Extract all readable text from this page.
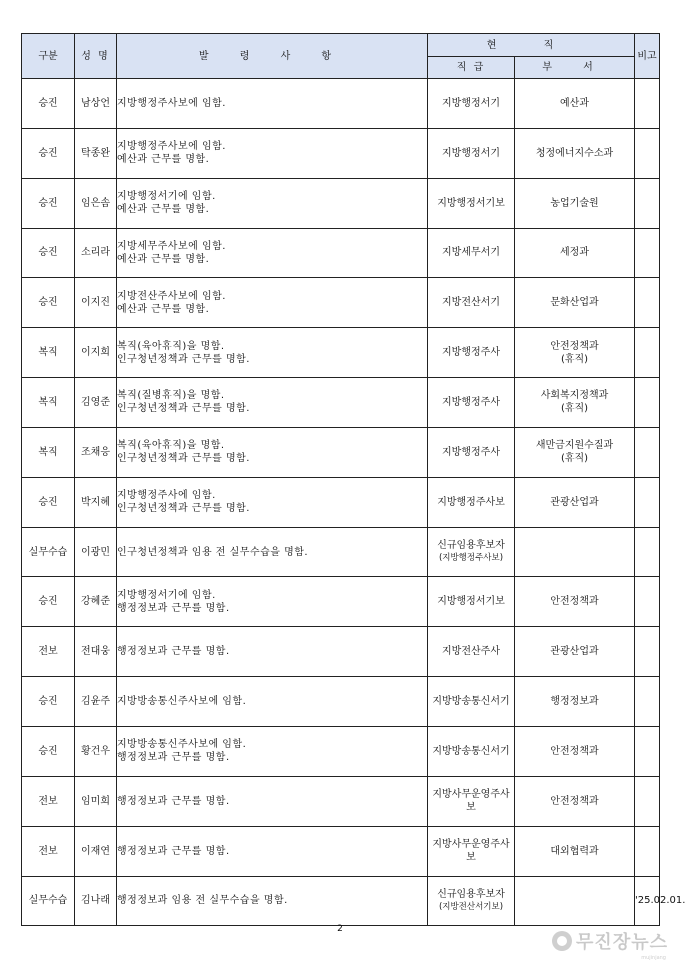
구분	성 명	발 령 사 항	현 직		비고
			직 급	부 서	
승진	남상언	지방행정주사보에 임함.	지방행정서기	예산과	

승진	탁종완	지방행정주사보에 임함.
예산과 근무를 명함.	지방행정서기	청정에너지수소과	

승진	임은솜	지방행정서기에 임함.
예산과 근무를 명함.	지방행정서기보	농업기술원	

승진	소리라	지방세무주사보에 임함.
예산과 근무를 명함.	지방세무서기	세정과	

승진	이지진	지방전산주사보에 임함.
예산과 근무를 명함.	지방전산서기	문화산업과	

복직	이지희	복직(육아휴직)을 명함.
인구청년정책과 근무를 명함.	지방행정주사	안전정책과
(휴직)	

복직	김영준	복직(질병휴직)을 명함.
인구청년정책과 근무를 명함.	지방행정주사	사회복지정책과
(휴직)	

복직	조채응	복직(육아휴직)을 명함.
인구청년정책과 근무를 명함.	지방행정주사	새만금지원수질과
(휴직)	

승진	박지혜	지방행정주사에 임함.
인구청년정책과 근무를 명함.	지방행정주사보	관광산업과	

실무수습	이광민	인구청년정책과 임용 전 실무수습을 명함.	신규임용후보자
(지방행정주사보)		

승진	강혜준	지방행정서기에 임함.
행정정보과 근무를 명함.	지방행정서기보	안전정책과	

전보	전대웅	행정정보과 근무를 명함.	지방전산주사	관광산업과	

승진	김윤주	지방방송통신주사보에 임함.	지방방송통신서기	행정정보과	

승진	황건우	지방방송통신주사보에 임함.
행정정보과 근무를 명함.	지방방송통신서기	안전정책과	

전보	임미희	행정정보과 근무를 명함.	지방사무운영주사보	안전정책과	

전보	이재연	행정정보과 근무를 명함.	지방사무운영주사보	대외협력과	

실무수습	김나래	행정정보과 임용 전 실무수습을 명함.	신규임용후보자
(지방전산서기보)		'25.02.01.
2
무진장뉴스
mujinjang
